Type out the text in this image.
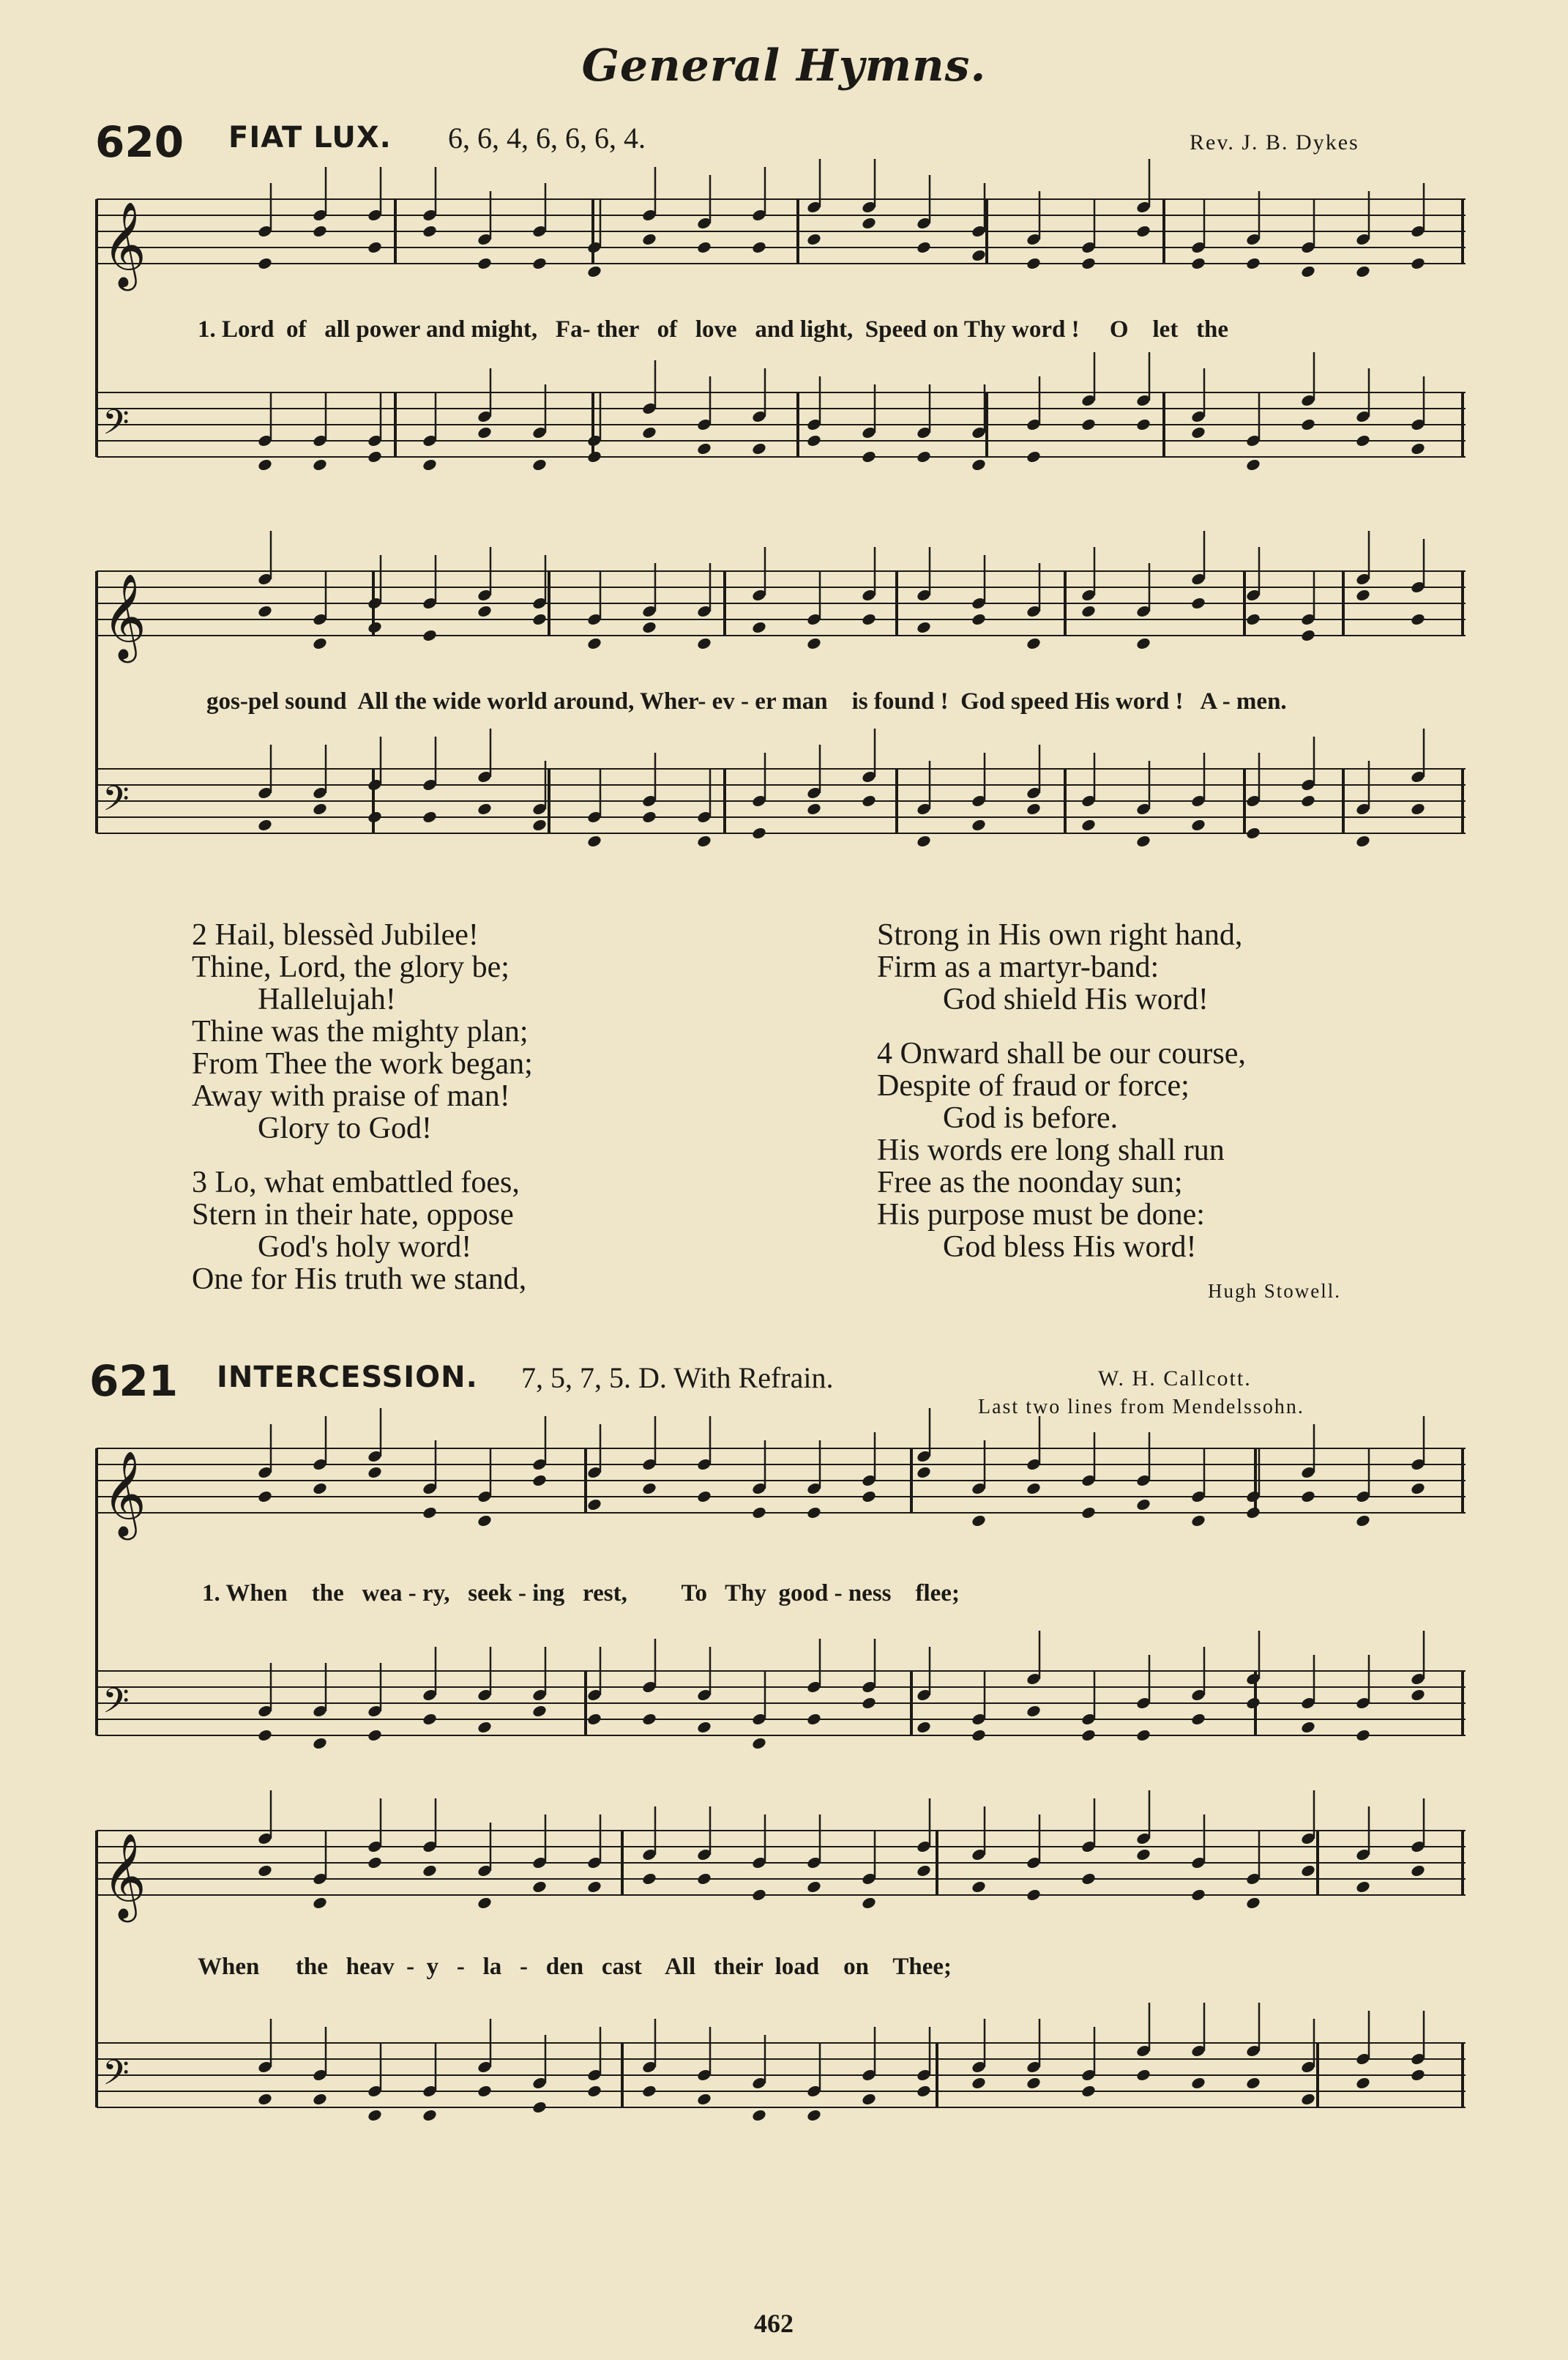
General Hymns.
620 FIAT LUX. 6, 6, 4, 6, 6, 6, 4.	Rev. J. B. Dykes
𝄞
𝄢
𝄞
𝄢
𝄞
𝄢
𝄞
𝄢
1. Lord  of   all power and might,   Fa- ther   of   love   and light,  Speed on Thy word !     O    let   the
gos-pel sound  All the wide world around, Wher- ev - er man    is found !  God speed His word !   A - men.
2 Hail, blessèd Jubilee!
Thine, Lord, the glory be;
Hallelujah!
Thine was the mighty plan;
From Thee the work began;
Away with praise of man!
Glory to God!
3 Lo, what embattled foes,
Stern in their hate, oppose
God's holy word!
One for His truth we stand,
Strong in His own right hand,
Firm as a martyr-band:
God shield His word!
4 Onward shall be our course,
Despite of fraud or force;
God is before.
His words ere long shall run
Free as the noonday sun;
His purpose must be done:
God bless His word!
Hugh Stowell.
621 INTERCESSION. 7, 5, 7, 5. D. With Refrain.	W. H. Callcott.
Last two lines from Mendelssohn.
1. When    the   wea - ry,   seek - ing   rest,         To   Thy  good - ness    flee;
When      the   heav  -  y   -   la   -   den   cast    All   their  load    on    Thee;
462
